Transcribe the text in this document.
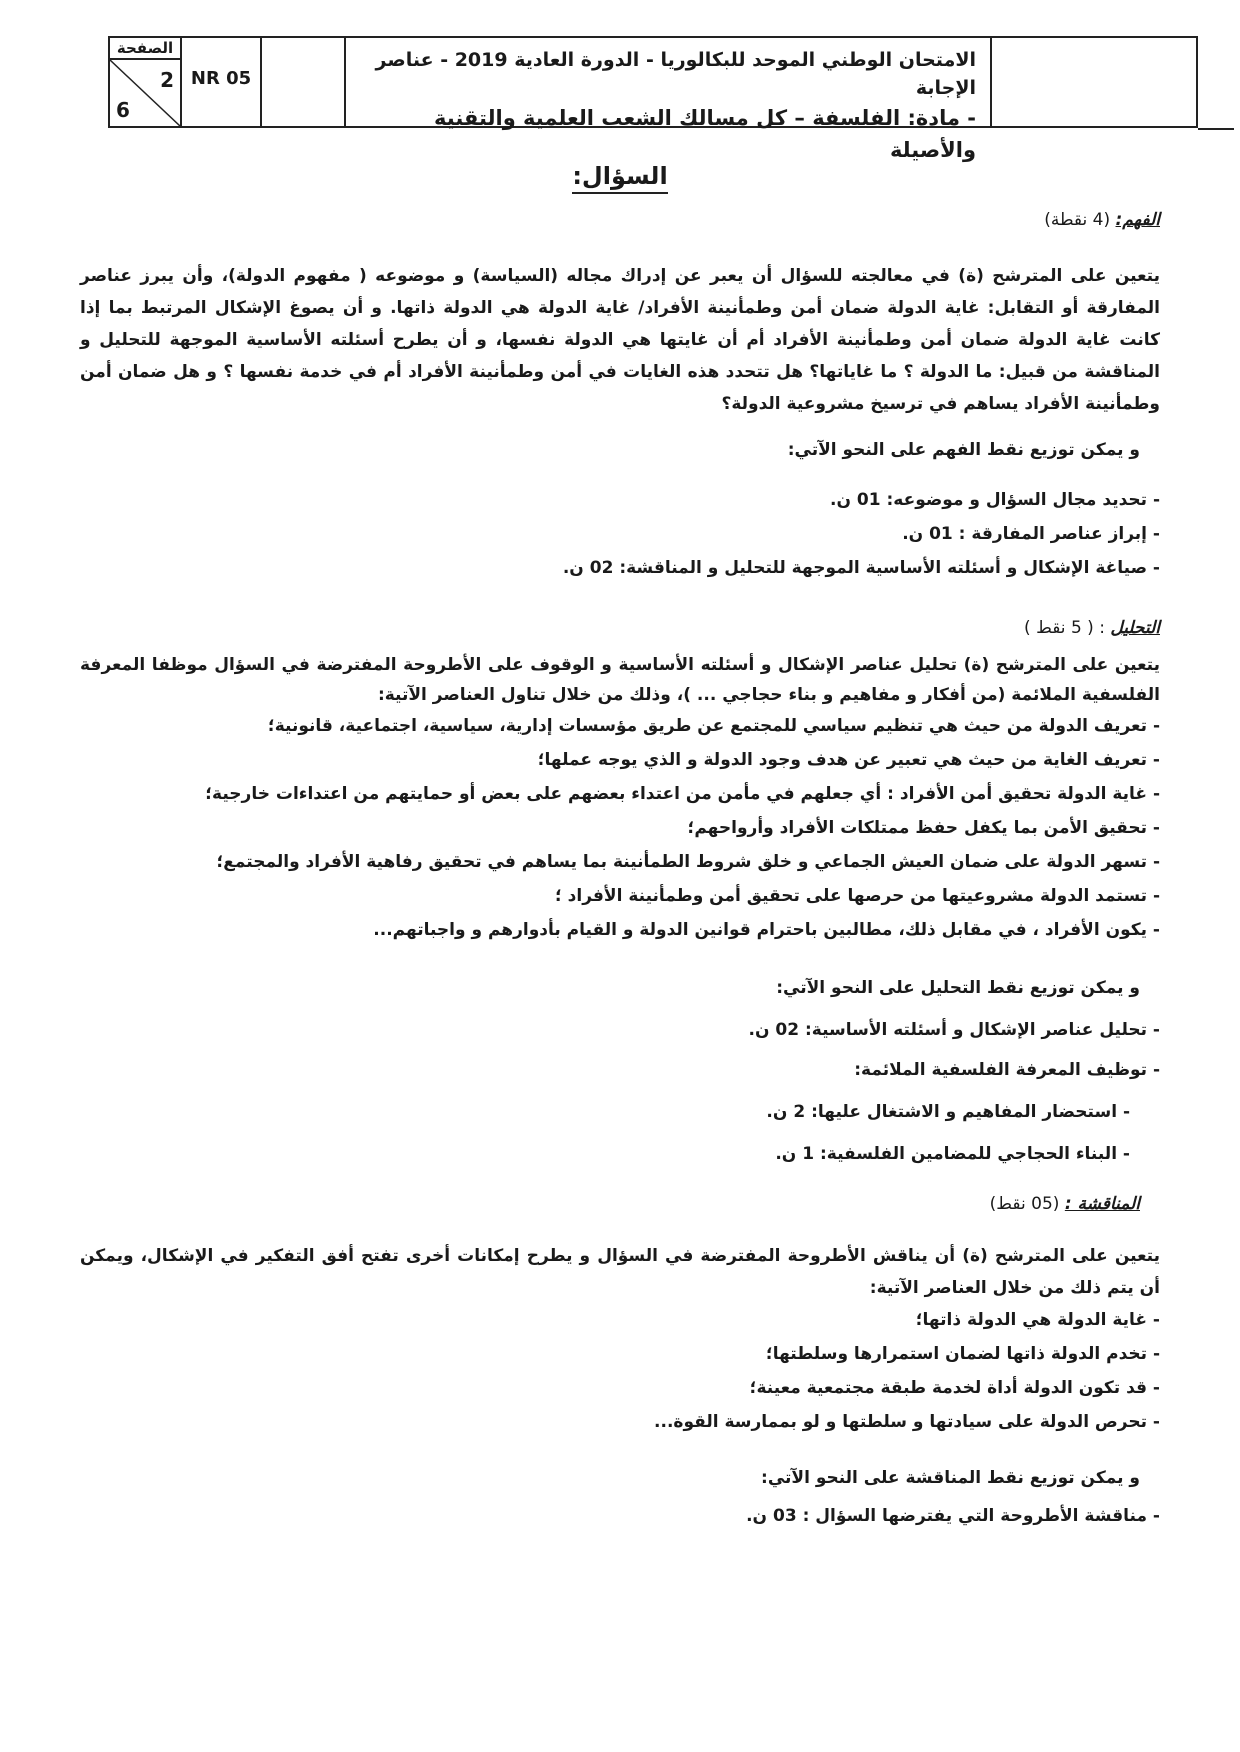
الصفحة
2
6
NR 05
الامتحان الوطني الموحد للبكالوريا - الدورة العادية 2019 - عناصر الإجابة
- مادة: الفلسفة – كل مسالك الشعب العلمية والتقنية والأصيلة
السؤال:
الفهم: (4 نقطة)
يتعين على المترشح (ة) في معالجته للسؤال أن يعبر عن إدراك مجاله (السياسة) و موضوعه ( مفهوم الدولة)، وأن يبرز عناصر المفارقة أو التقابل: غاية الدولة ضمان أمن وطمأنينة الأفراد/ غاية الدولة هي الدولة ذاتها. و أن يصوغ الإشكال المرتبط بما إذا كانت غاية الدولة ضمان أمن وطمأنينة الأفراد أم أن غايتها هي الدولة نفسها، و أن يطرح أسئلته الأساسية الموجهة للتحليل و المناقشة من قبيل: ما الدولة ؟ ما غاياتها؟ هل تتحدد هذه الغايات في أمن وطمأنينة الأفراد أم في خدمة نفسها ؟ و هل ضمان أمن وطمأنينة الأفراد يساهم في ترسيخ مشروعية الدولة؟
و يمكن توزيع نقط الفهم على النحو الآتي:
- تحديد مجال السؤال و موضوعه: 01 ن.
- إبراز عناصر المفارقة : 01 ن.
- صياغة الإشكال و أسئلته الأساسية الموجهة للتحليل و المناقشة: 02 ن.
التحليل : ( 5 نقط )
يتعين على المترشح (ة) تحليل عناصر الإشكال و أسئلته الأساسية و الوقوف على الأطروحة المفترضة في السؤال موظفا المعرفة الفلسفية الملائمة (من أفكار و مفاهيم و بناء حجاجي ... )، وذلك من خلال تناول العناصر الآتية:
- تعريف الدولة من حيث هي تنظيم سياسي للمجتمع عن طريق مؤسسات إدارية، سياسية، اجتماعية، قانونية؛
- تعريف الغاية من حيث هي تعبير عن هدف وجود الدولة و الذي يوجه عملها؛
- غاية الدولة تحقيق أمن الأفراد : أي جعلهم في مأمن من اعتداء بعضهم على بعض أو حمايتهم من اعتداءات خارجية؛
- تحقيق الأمن بما يكفل حفظ ممتلكات الأفراد وأرواحهم؛
- تسهر الدولة على ضمان العيش الجماعي و خلق شروط الطمأنينة بما يساهم في تحقيق رفاهية الأفراد والمجتمع؛
- تستمد الدولة مشروعيتها من حرصها على تحقيق أمن وطمأنينة الأفراد ؛
- يكون الأفراد ، في مقابل ذلك، مطالبين باحترام قوانين الدولة و القيام بأدوارهم و واجباتهم...
و يمكن توزيع نقط التحليل على النحو الآتي:
- تحليل عناصر الإشكال و أسئلته الأساسية: 02 ن.
- توظيف المعرفة الفلسفية الملائمة:
- استحضار المفاهيم و الاشتغال عليها: 2 ن.
- البناء الحجاجي للمضامين الفلسفية: 1 ن.
المناقشة : (05 نقط)
يتعين على المترشح (ة) أن يناقش الأطروحة المفترضة في السؤال و يطرح إمكانات أخرى تفتح أفق التفكير في الإشكال، ويمكن أن يتم ذلك من خلال العناصر الآتية:
- غاية الدولة هي الدولة ذاتها؛
- تخدم الدولة ذاتها لضمان استمرارها وسلطتها؛
- قد تكون الدولة أداة لخدمة طبقة مجتمعية معينة؛
- تحرص الدولة على سيادتها و سلطتها و لو بممارسة القوة...
و يمكن توزيع نقط المناقشة على النحو الآتي:
- مناقشة الأطروحة التي يفترضها السؤال : 03 ن.
